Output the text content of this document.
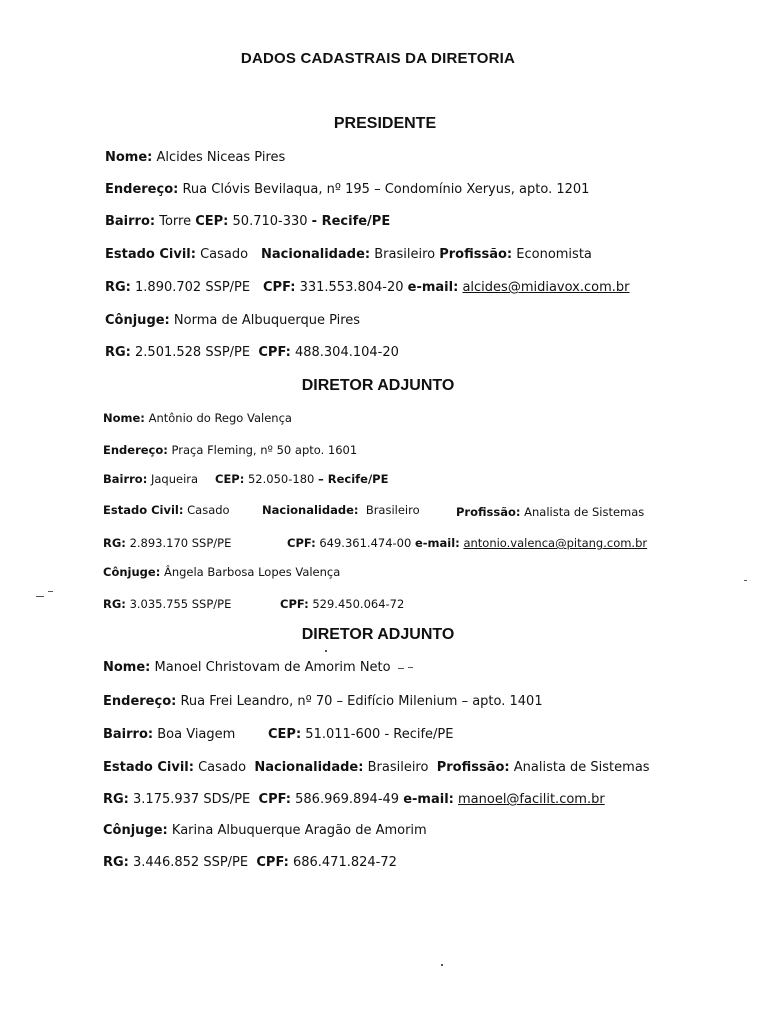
DADOS CADASTRAIS DA DIRETORIA
PRESIDENTE
Nome: Alcides Niceas Pires
Endereço: Rua Clóvis Bevilaqua, nº 195 – Condomínio Xeryus, apto. 1201
Bairro: Torre CEP: 50.710-330 - Recife/PE
Estado Civil: Casado Nacionalidade: Brasileiro Profissão: Economista
RG: 1.890.702 SSP/PE CPF: 331.553.804-20 e-mail: alcides@midiavox.com.br
Cônjuge: Norma de Albuquerque Pires
RG: 2.501.528 SSP/PE CPF: 488.304.104-20
DIRETOR ADJUNTO
Nome: Antônio do Rego Valença
Endereço: Praça Fleming, nº 50 apto. 1601
Bairro: Jaqueira CEP: 52.050-180 – Recife/PE
Estado Civil: Casado	Nacionalidade: Brasileiro	Profissão: Analista de Sistemas
RG: 2.893.170 SSP/PE	CPF: 649.361.474-00 e-mail: antonio.valenca@pitang.com.br
Cônjuge: Ângela Barbosa Lopes Valença
RG: 3.035.755 SSP/PE	CPF: 529.450.064-72
DIRETOR ADJUNTO
Nome: Manoel Christovam de Amorim Neto
Endereço: Rua Frei Leandro, nº 70 – Edifício Milenium – apto. 1401
Bairro: Boa Viagem	CEP: 51.011-600 - Recife/PE
Estado Civil: Casado Nacionalidade: Brasileiro Profissão: Analista de Sistemas
RG: 3.175.937 SDS/PE CPF: 586.969.894-49 e-mail: manoel@facilit.com.br
Cônjuge: Karina Albuquerque Aragão de Amorim
RG: 3.446.852 SSP/PE CPF: 686.471.824-72
